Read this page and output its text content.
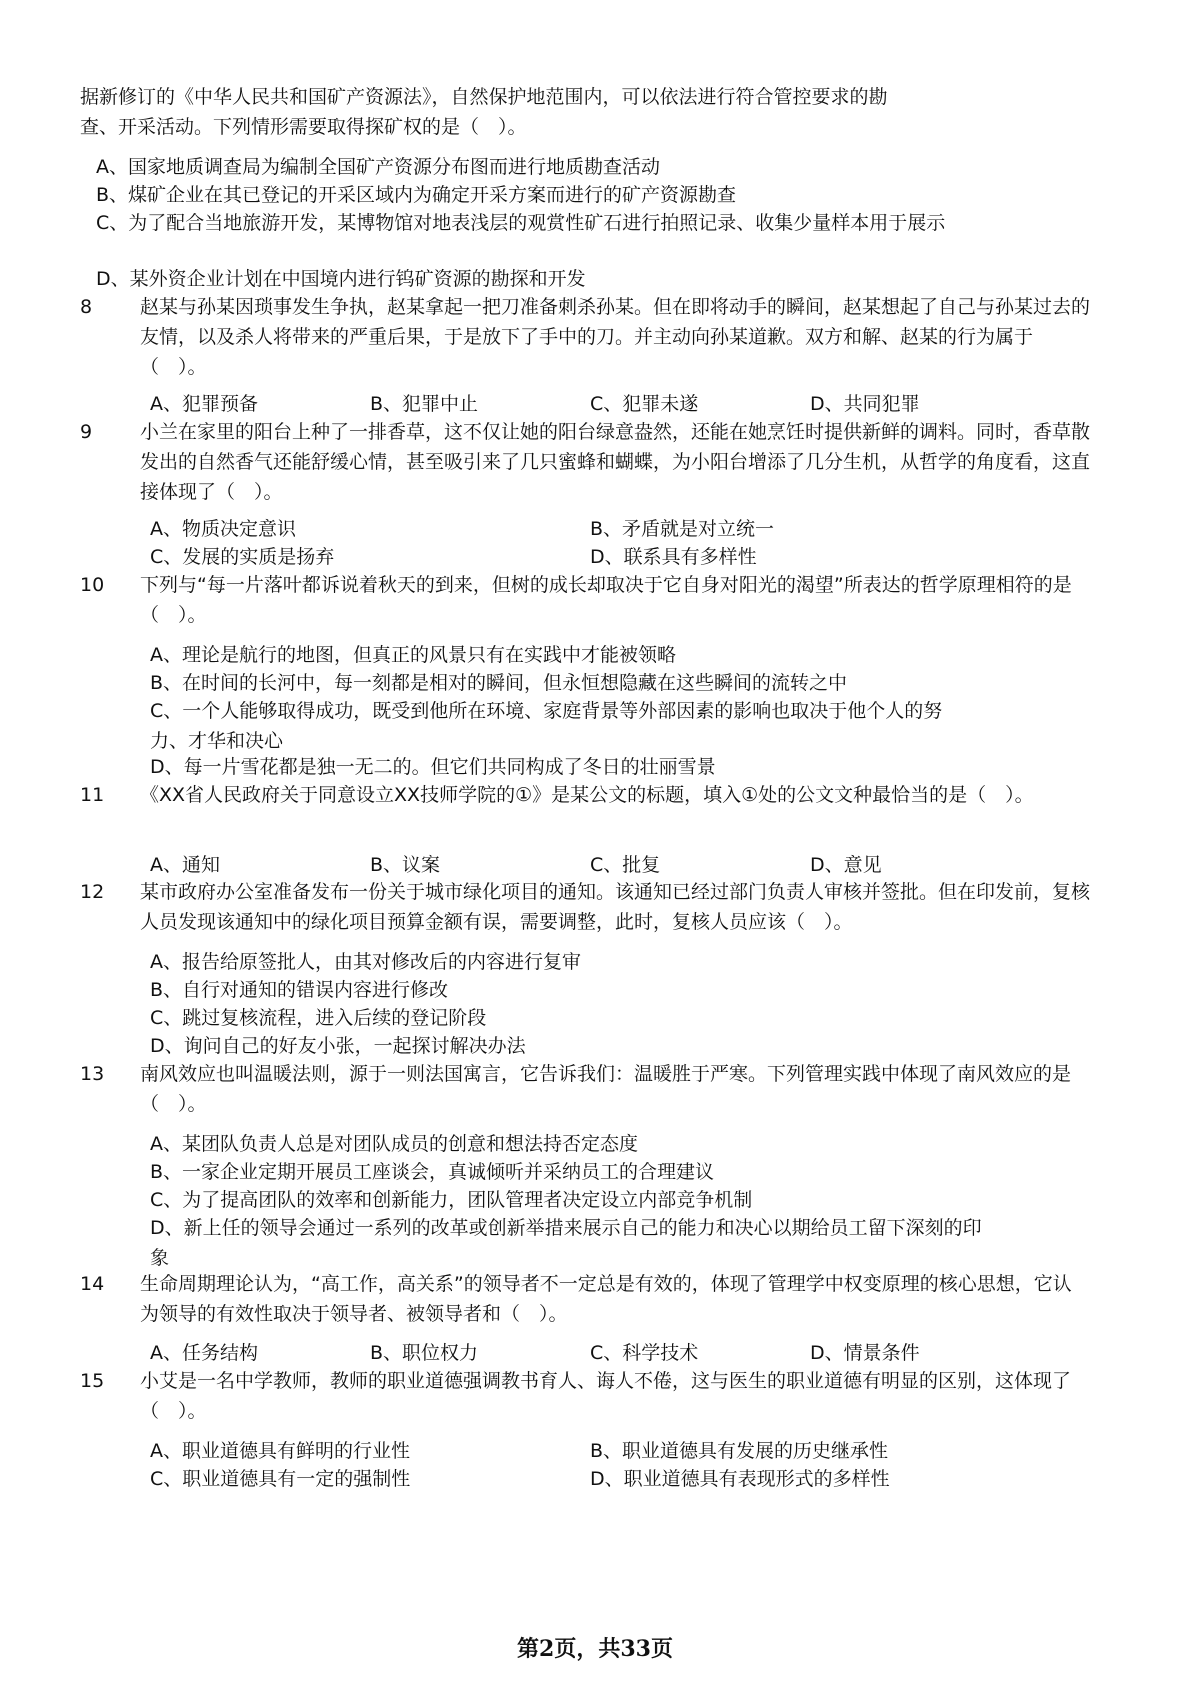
据新修订的《中华人民共和国矿产资源法》，自然保护地范围内，可以依法进行符合管控要求的勘查、开采活动。下列情形需要取得探矿权的是（　）。
A、国家地质调查局为编制全国矿产资源分布图而进行地质勘查活动
B、煤矿企业在其已登记的开采区域内为确定开采方案而进行的矿产资源勘查
C、为了配合当地旅游开发，某博物馆对地表浅层的观赏性矿石进行拍照记录、收集少量样本用于展示
D、某外资企业计划在中国境内进行钨矿资源的勘探和开发
8	赵某与孙某因琐事发生争执，赵某拿起一把刀准备刺杀孙某。但在即将动手的瞬间，赵某想起了自己与孙某过去的友情，以及杀人将带来的严重后果，于是放下了手中的刀。并主动向孙某道歉。双方和解、赵某的行为属于（　）。
A、犯罪预备	B、犯罪中止	C、犯罪未遂	D、共同犯罪
9	小兰在家里的阳台上种了一排香草，这不仅让她的阳台绿意盎然，还能在她烹饪时提供新鲜的调料。同时，香草散发出的自然香气还能舒缓心情，甚至吸引来了几只蜜蜂和蝴蝶，为小阳台增添了几分生机，从哲学的角度看，这直接体现了（　）。
A、物质决定意识	B、矛盾就是对立统一
C、发展的实质是扬弃	D、联系具有多样性
10	下列与“每一片落叶都诉说着秋天的到来，但树的成长却取决于它自身对阳光的渴望”所表达的哲学原理相符的是（　）。
A、理论是航行的地图，但真正的风景只有在实践中才能被领略
B、在时间的长河中，每一刻都是相对的瞬间，但永恒想隐藏在这些瞬间的流转之中
C、一个人能够取得成功，既受到他所在环境、家庭背景等外部因素的影响也取决于他个人的努力、才华和决心
D、每一片雪花都是独一无二的。但它们共同构成了冬日的壮丽雪景
11	《XX省人民政府关于同意设立XX技师学院的①》是某公文的标题，填入①处的公文文种最恰当的是（　）。
A、通知	B、议案	C、批复	D、意见
12	某市政府办公室准备发布一份关于城市绿化项目的通知。该通知已经过部门负责人审核并签批。但在印发前，复核人员发现该通知中的绿化项目预算金额有误，需要调整，此时，复核人员应该（　）。
A、报告给原签批人，由其对修改后的内容进行复审
B、自行对通知的错误内容进行修改
C、跳过复核流程，进入后续的登记阶段
D、询问自己的好友小张，一起探讨解决办法
13	南风效应也叫温暖法则，源于一则法国寓言，它告诉我们：温暖胜于严寒。下列管理实践中体现了南风效应的是（　）。
A、某团队负责人总是对团队成员的创意和想法持否定态度
B、一家企业定期开展员工座谈会，真诚倾听并采纳员工的合理建议
C、为了提高团队的效率和创新能力，团队管理者决定设立内部竞争机制
D、新上任的领导会通过一系列的改革或创新举措来展示自己的能力和决心以期给员工留下深刻的印象
14	生命周期理论认为，“高工作，高关系”的领导者不一定总是有效的，体现了管理学中权变原理的核心思想，它认为领导的有效性取决于领导者、被领导者和（　）。
A、任务结构	B、职位权力	C、科学技术	D、情景条件
15	小艾是一名中学教师，教师的职业道德强调教书育人、诲人不倦，这与医生的职业道德有明显的区别，这体现了（　）。
A、职业道德具有鲜明的行业性	B、职业道德具有发展的历史继承性
C、职业道德具有一定的强制性	D、职业道德具有表现形式的多样性
第2页，共33页
